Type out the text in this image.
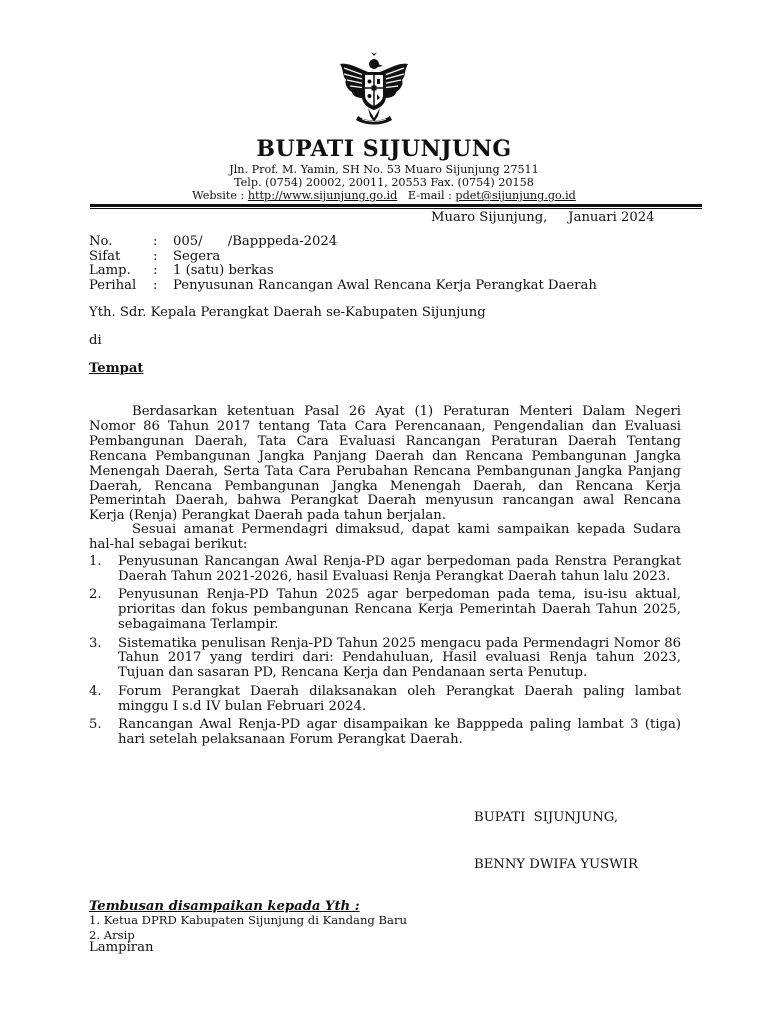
BUPATI SIJUNJUNG
Jln. Prof. M. Yamin, SH No. 53 Muaro Sijunjung 27511
Telp. (0754) 20002, 20011, 20553 Fax. (0754) 20158
Website : http://www.sijunjung.go.id   E-mail : pdet@sijunjung.go.id
Muaro Sijunjung,     Januari 2024
No.	:	005/      /Bapppeda-2024
Sifat	:	Segera
Lamp.	:	1 (satu) berkas
Perihal	:	Penyusunan Rancangan Awal Rencana Kerja Perangkat Daerah
Yth. Sdr. Kepala Perangkat Daerah se-Kabupaten Sijunjung
di
Tempat
Berdasarkan ketentuan Pasal 26 Ayat (1) Peraturan Menteri Dalam Negeri Nomor 86 Tahun 2017 tentang Tata Cara Perencanaan, Pengendalian dan Evaluasi Pembangunan Daerah, Tata Cara Evaluasi Rancangan Peraturan Daerah Tentang Rencana Pembangunan Jangka Panjang Daerah dan Rencana Pembangunan Jangka Menengah Daerah, Serta Tata Cara Perubahan Rencana Pembangunan Jangka Panjang Daerah, Rencana Pembangunan Jangka Menengah Daerah, dan Rencana Kerja Pemerintah Daerah, bahwa Perangkat Daerah menyusun rancangan awal Rencana Kerja (Renja) Perangkat Daerah pada tahun berjalan.
Sesuai amanat Permendagri dimaksud, dapat kami sampaikan kepada Sudara hal-hal sebagai berikut:
1.	Penyusunan Rancangan Awal Renja-PD agar berpedoman pada Renstra Perangkat Daerah Tahun 2021-2026, hasil Evaluasi Renja Perangkat Daerah tahun lalu 2023.
2.	Penyusunan Renja-PD Tahun 2025 agar berpedoman pada tema, isu-isu aktual, prioritas dan fokus pembangunan Rencana Kerja Pemerintah Daerah Tahun 2025, sebagaimana Terlampir.
3.	Sistematika penulisan Renja-PD Tahun 2025 mengacu pada Permendagri Nomor 86 Tahun 2017 yang terdiri dari: Pendahuluan, Hasil evaluasi Renja tahun 2023, Tujuan dan sasaran PD, Rencana Kerja dan Pendanaan serta Penutup.
4.	Forum Perangkat Daerah dilaksanakan oleh Perangkat Daerah paling lambat minggu I s.d IV bulan Februari 2024.
5.	Rancangan Awal Renja-PD agar disampaikan ke Bapppeda paling lambat 3 (tiga) hari setelah pelaksanaan Forum Perangkat Daerah.
BUPATI  SIJUNJUNG,
BENNY DWIFA YUSWIR
Tembusan disampaikan kepada Yth :
1. Ketua DPRD Kabupaten Sijunjung di Kandang Baru
2. Arsip
Lampiran
